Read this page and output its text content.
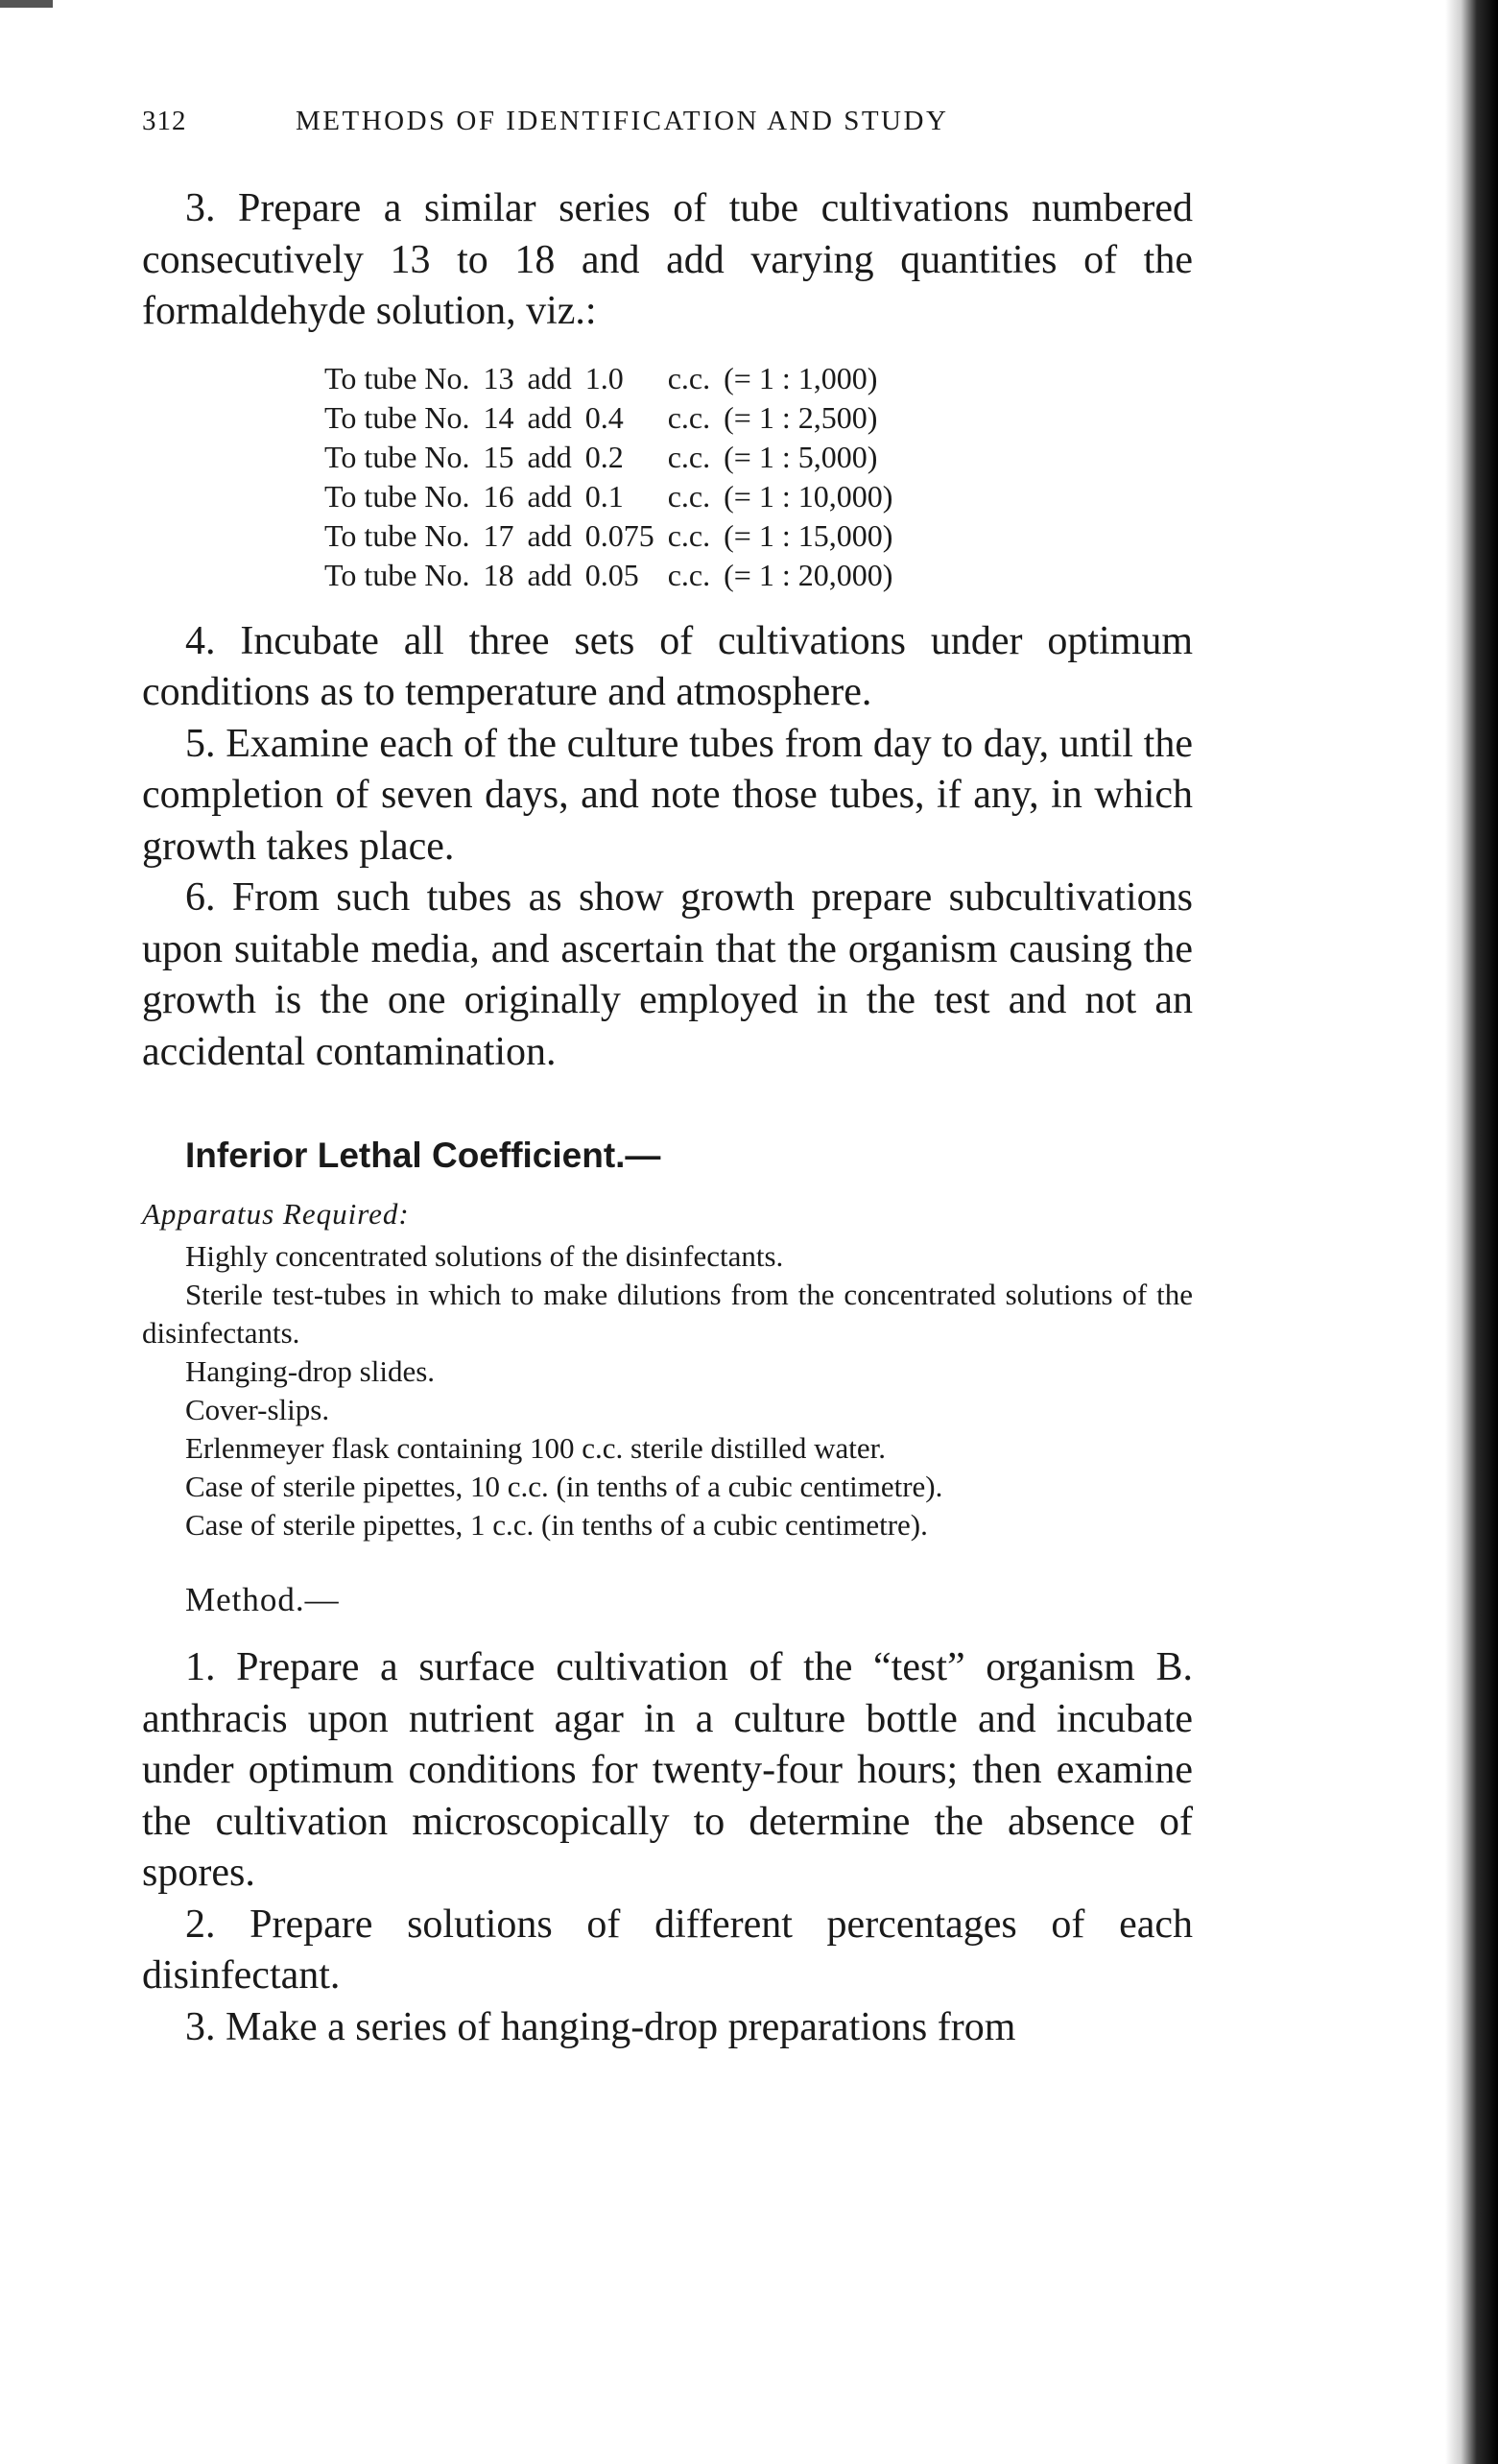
312	METHODS OF IDENTIFICATION AND STUDY

3. Prepare a similar series of tube cultivations numbered consecutively 13 to 18 and add varying quantities of the formaldehyde solution, viz.:

To tube No.	13	add	1.0	c.c.	(= 1 : 1,000)
To tube No.	14	add	0.4	c.c.	(= 1 : 2,500)
To tube No.	15	add	0.2	c.c.	(= 1 : 5,000)
To tube No.	16	add	0.1	c.c.	(= 1 : 10,000)
To tube No.	17	add	0.075	c.c.	(= 1 : 15,000)
To tube No.	18	add	0.05	c.c.	(= 1 : 20,000)

4. Incubate all three sets of cultivations under optimum conditions as to temperature and atmosphere.

5. Examine each of the culture tubes from day to day, until the completion of seven days, and note those tubes, if any, in which growth takes place.

6. From such tubes as show growth prepare subcultivations upon suitable media, and ascertain that the organism causing the growth is the one originally employed in the test and not an accidental contamination.

Inferior Lethal Coefficient.—
Apparatus Required:
Highly concentrated solutions of the disinfectants.
Sterile test-tubes in which to make dilutions from the concentrated solutions of the disinfectants.
Hanging-drop slides.
Cover-slips.
Erlenmeyer flask containing 100 c.c. sterile distilled water.
Case of sterile pipettes, 10 c.c. (in tenths of a cubic centimetre).
Case of sterile pipettes, 1 c.c. (in tenths of a cubic centimetre).
Method.—

1. Prepare a surface cultivation of the “test” organism B. anthracis upon nutrient agar in a culture bottle and incubate under optimum conditions for twenty-four hours; then examine the cultivation microscopically to determine the absence of spores.

2. Prepare solutions of different percentages of each disinfectant.

3. Make a series of hanging-drop preparations from
